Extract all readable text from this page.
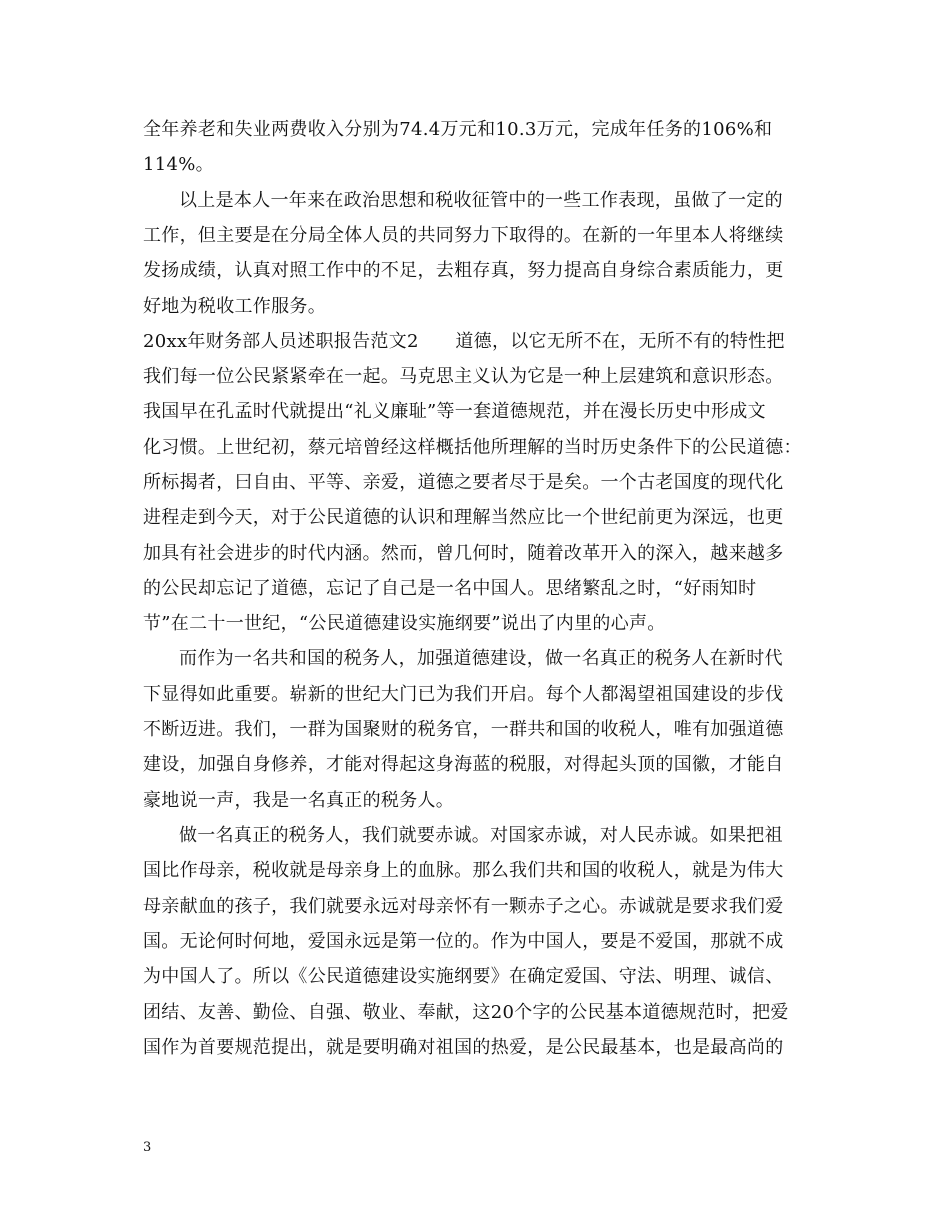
全年养老和失业两费收入分别为74.4万元和10.3万元，完成年任务的106%和
114%。
以上是本人一年来在政治思想和税收征管中的一些工作表现，虽做了一定的
工作，但主要是在分局全体人员的共同努力下取得的。在新的一年里本人将继续
发扬成绩，认真对照工作中的不足，去粗存真，努力提高自身综合素质能力，更
好地为税收工作服务。
20xx年财务部人员述职报告范文2　　道德，以它无所不在，无所不有的特性把
我们每一位公民紧紧牵在一起。马克思主义认为它是一种上层建筑和意识形态。
我国早在孔孟时代就提出“礼义廉耻”等一套道德规范，并在漫长历史中形成文
化习惯。上世纪初，蔡元培曾经这样概括他所理解的当时历史条件下的公民道德：
所标揭者，曰自由、平等、亲爱，道德之要者尽于是矣。一个古老国度的现代化
进程走到今天，对于公民道德的认识和理解当然应比一个世纪前更为深远，也更
加具有社会进步的时代内涵。然而，曾几何时，随着改革开入的深入，越来越多
的公民却忘记了道德，忘记了自己是一名中国人。思绪繁乱之时，“好雨知时
节”在二十一世纪，“公民道德建设实施纲要”说出了内里的心声。
而作为一名共和国的税务人，加强道德建设，做一名真正的税务人在新时代
下显得如此重要。崭新的世纪大门已为我们开启。每个人都渴望祖国建设的步伐
不断迈进。我们，一群为国聚财的税务官，一群共和国的收税人，唯有加强道德
建设，加强自身修养，才能对得起这身海蓝的税服，对得起头顶的国徽，才能自
豪地说一声，我是一名真正的税务人。
做一名真正的税务人，我们就要赤诚。对国家赤诚，对人民赤诚。如果把祖
国比作母亲，税收就是母亲身上的血脉。那么我们共和国的收税人，就是为伟大
母亲献血的孩子，我们就要永远对母亲怀有一颗赤子之心。赤诚就是要求我们爱
国。无论何时何地，爱国永远是第一位的。作为中国人，要是不爱国，那就不成
为中国人了。所以《公民道德建设实施纲要》在确定爱国、守法、明理、诚信、
团结、友善、勤俭、自强、敬业、奉献，这20个字的公民基本道德规范时，把爱
国作为首要规范提出，就是要明确对祖国的热爱，是公民最基本，也是最高尚的
3
